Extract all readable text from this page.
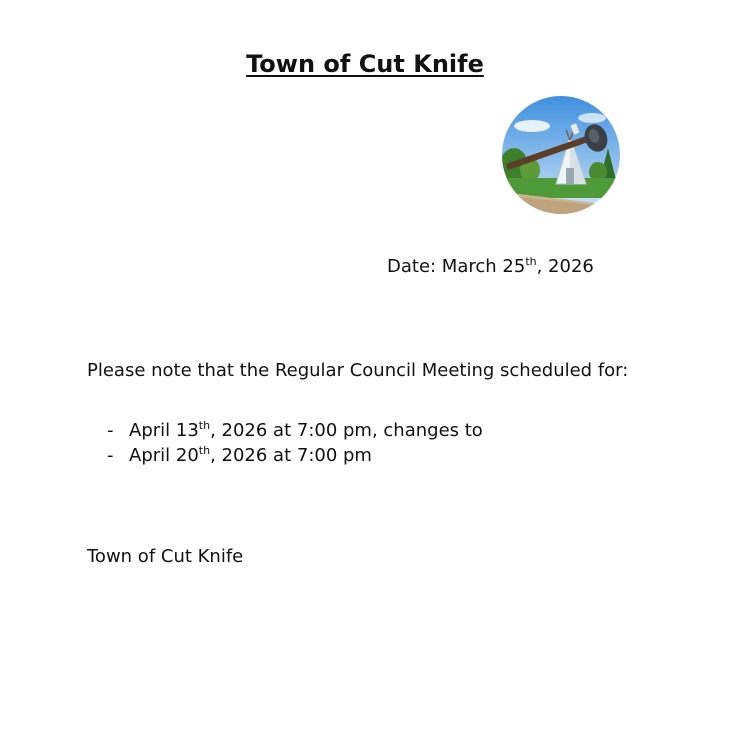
Town of Cut Knife
Date: March 25th, 2026
Please note that the Regular Council Meeting scheduled for:
- April 13th, 2026 at 7:00 pm, changes to
- April 20th, 2026 at 7:00 pm
Town of Cut Knife
